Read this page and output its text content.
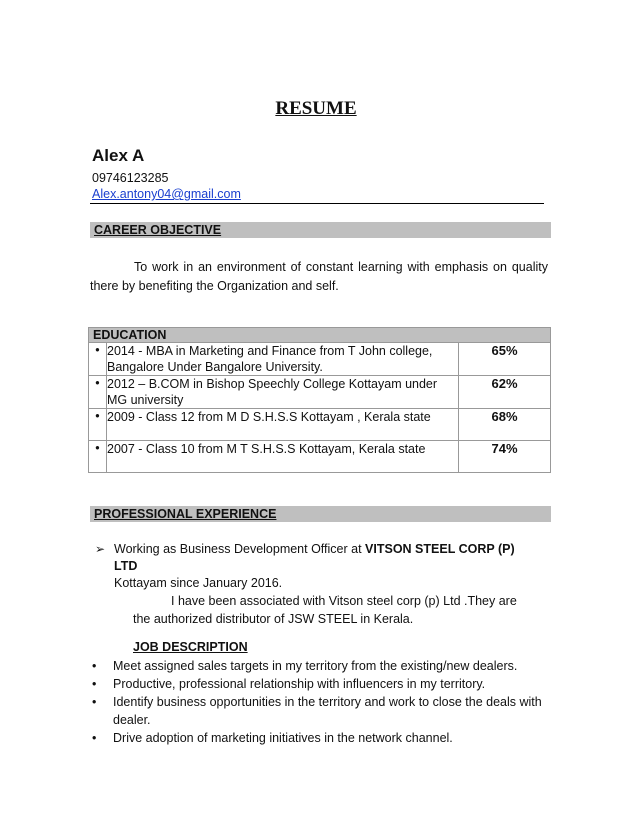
RESUME
Alex A
09746123285
Alex.antony04@gmail.com
CAREER OBJECTIVE
To work in an environment of constant learning with emphasis on quality there by benefiting the Organization and self.
EDUCATION
•	2014 - MBA in Marketing and Finance from T John college, Bangalore Under Bangalore University.	65%
•	2012 – B.COM in Bishop Speechly College Kottayam under MG university	62%
•	2009 - Class 12 from M D S.H.S.S Kottayam , Kerala state	68%
•	2007 - Class 10 from M T S.H.S.S Kottayam, Kerala state	74%
PROFESSIONAL EXPERIENCE
➢ Working as Business Development Officer at VITSON STEEL CORP (P) LTD
Kottayam since January 2016.
I have been associated with Vitson steel corp (p) Ltd .They are the authorized distributor of JSW STEEL in Kerala.
JOB DESCRIPTION
• Meet assigned sales targets in my territory from the existing/new dealers.
• Productive, professional relationship with influencers in my territory.
• Identify business opportunities in the territory and work to close the deals with dealer.
• Drive adoption of marketing initiatives in the network channel.
